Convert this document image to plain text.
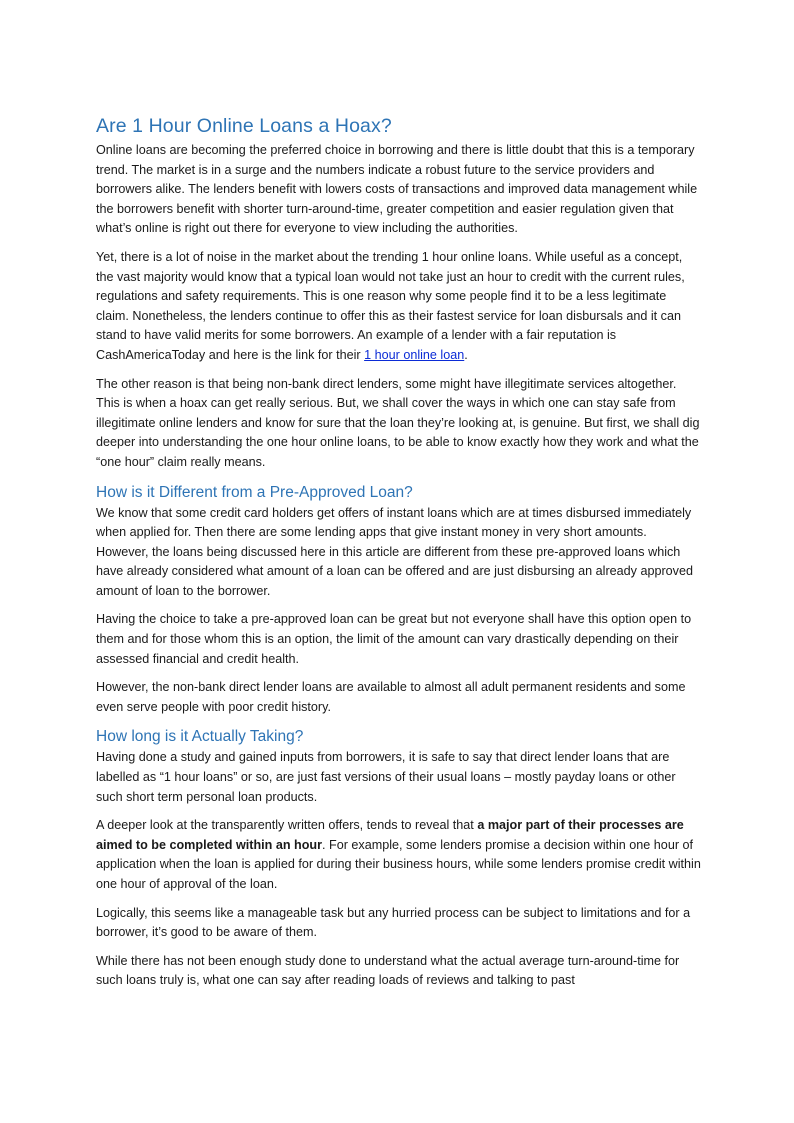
Are 1 Hour Online Loans a Hoax?

Online loans are becoming the preferred choice in borrowing and there is little doubt that this is a temporary trend. The market is in a surge and the numbers indicate a robust future to the service providers and borrowers alike. The lenders benefit with lowers costs of transactions and improved data management while the borrowers benefit with shorter turn-around-time, greater competition and easier regulation given that what’s online is right out there for everyone to view including the authorities.

Yet, there is a lot of noise in the market about the trending 1 hour online loans. While useful as a concept, the vast majority would know that a typical loan would not take just an hour to credit with the current rules, regulations and safety requirements. This is one reason why some people find it to be a less legitimate claim. Nonetheless, the lenders continue to offer this as their fastest service for loan disbursals and it can stand to have valid merits for some borrowers. An example of a lender with a fair reputation is CashAmericaToday and here is the link for their 1 hour online loan.

The other reason is that being non-bank direct lenders, some might have illegitimate services altogether. This is when a hoax can get really serious. But, we shall cover the ways in which one can stay safe from illegitimate online lenders and know for sure that the loan they’re looking at, is genuine. But first, we shall dig deeper into understanding the one hour online loans, to be able to know exactly how they work and what the “one hour” claim really means.

How is it Different from a Pre-Approved Loan?

We know that some credit card holders get offers of instant loans which are at times disbursed immediately when applied for. Then there are some lending apps that give instant money in very short amounts. However, the loans being discussed here in this article are different from these pre-approved loans which have already considered what amount of a loan can be offered and are just disbursing an already approved amount of loan to the borrower.

Having the choice to take a pre-approved loan can be great but not everyone shall have this option open to them and for those whom this is an option, the limit of the amount can vary drastically depending on their assessed financial and credit health.

However, the non-bank direct lender loans are available to almost all adult permanent residents and some even serve people with poor credit history.

How long is it Actually Taking?

Having done a study and gained inputs from borrowers, it is safe to say that direct lender loans that are labelled as “1 hour loans” or so, are just fast versions of their usual loans – mostly payday loans or other such short term personal loan products.

A deeper look at the transparently written offers, tends to reveal that a major part of their processes are aimed to be completed within an hour. For example, some lenders promise a decision within one hour of application when the loan is applied for during their business hours, while some lenders promise credit within one hour of approval of the loan.

Logically, this seems like a manageable task but any hurried process can be subject to limitations and for a borrower, it’s good to be aware of them.

While there has not been enough study done to understand what the actual average turn-around-time for such loans truly is, what one can say after reading loads of reviews and talking to past
